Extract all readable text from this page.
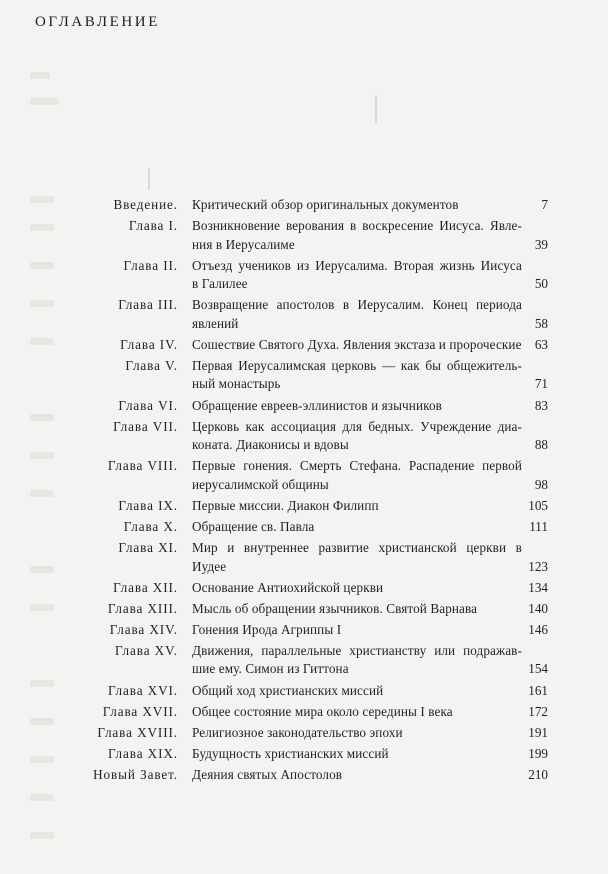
ОГЛАВЛЕНИЕ
Введение. Критический обзор оригинальных документов	7
Глава I. Возникновение верования в воскресение Иисуса. Явле-
ния в Иерусалиме	39
Глава II. Отъезд учеников из Иерусалима. Вторая жизнь Иисуса
в Галилее	50
Глава III. Возвращение апостолов в Иерусалим. Конец периода
явлений	58
Глава IV. Сошествие Святого Духа. Явления экстаза и пророческие 63
Глава V. Первая Иерусалимская церковь — как бы общежитель-
ный монастырь	71
Глава VI. Обращение евреев-эллинистов и язычников	83
Глава VII. Церковь как ассоциация для бедных. Учреждение диа-
коната. Диаконисы и вдовы	88
Глава VIII. Первые гонения. Смерть Стефана. Распадение первой
иерусалимской общины	98
Глава IX. Первые миссии. Диакон Филипп	105
Глава X. Обращение св. Павла	111
Глава XI. Мир и внутреннее развитие христианской церкви в
Иудее	123
Глава XII. Основание Антиохийской церкви	134
Глава XIII. Мысль об обращении язычников. Святой Варнава	140
Глава XIV. Гонения Ирода Агриппы I	146
Глава XV. Движения, параллельные христианству или подражав-
шие ему. Симон из Гиттона	154
Глава XVI. Общий ход христианских миссий	161
Глава XVII. Общее состояние мира около середины I века	172
Глава XVIII. Религиозное законодательство эпохи	191
Глава XIX. Будущность христианских миссий	199
Новый Завет. Деяния святых Апостолов	210
